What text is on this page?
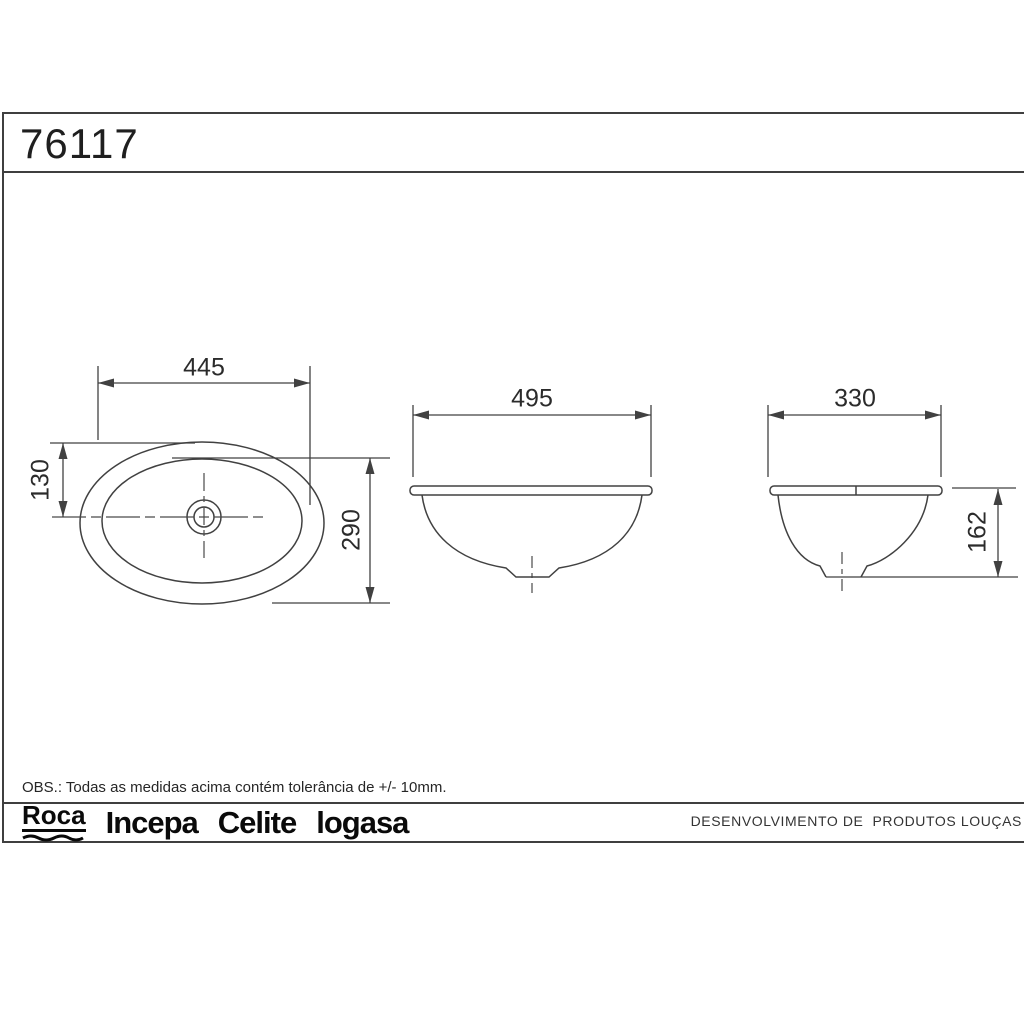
76117
445
130
290
495	330
162
OBS.: Todas as medidas acima contém tolerância de +/- 10mm.
Roca Incepa Celite logasa	DESENVOLVIMENTO DE  PRODUTOS LOUÇAS
